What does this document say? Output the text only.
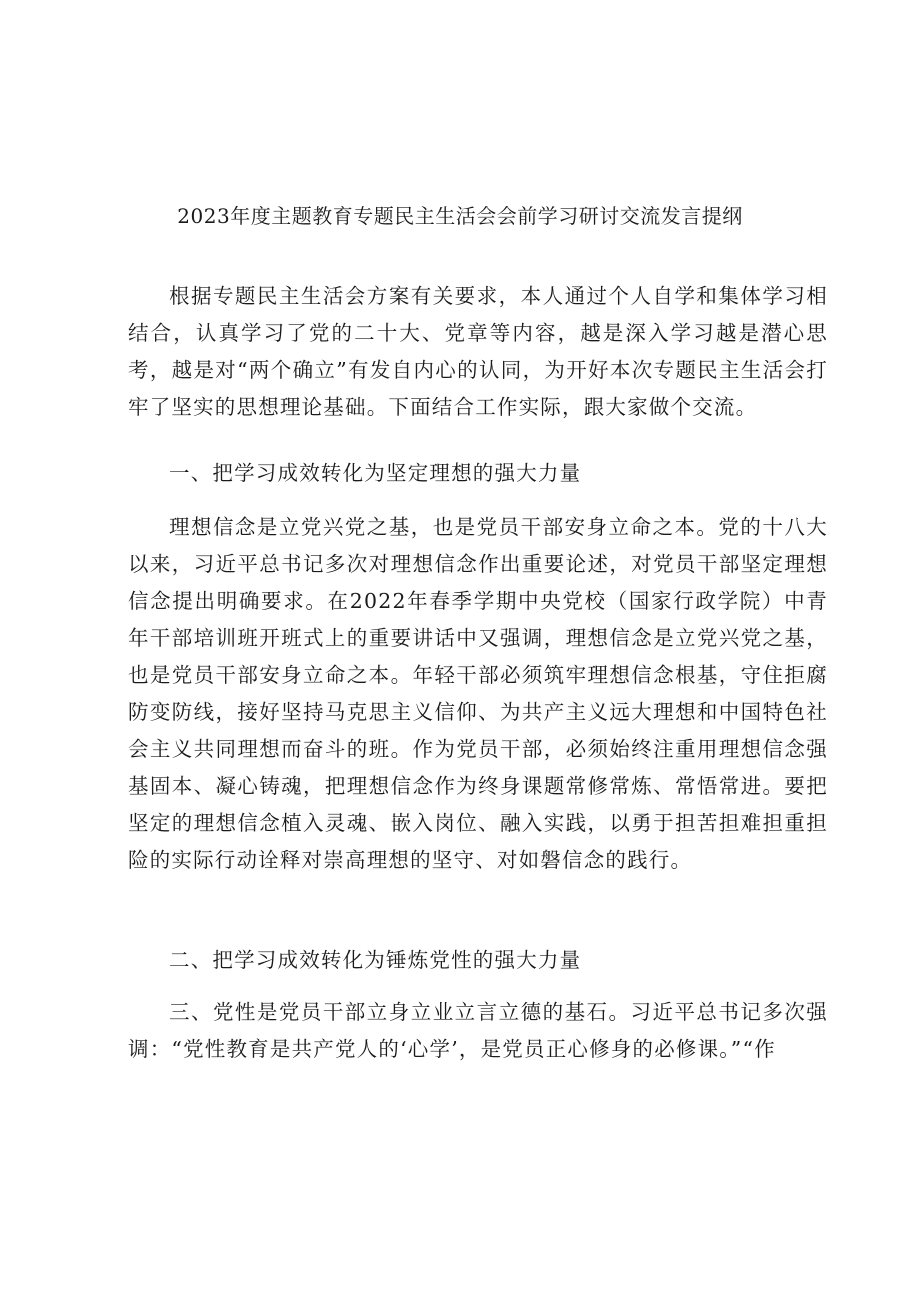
2023年度主题教育专题民主生活会会前学习研讨交流发言提纲
根据专题民主生活会方案有关要求，本人通过个人自学和集体学习相结合，认真学习了党的二十大、党章等内容，越是深入学习越是潜心思考，越是对“两个确立”有发自内心的认同，为开好本次专题民主生活会打牢了坚实的思想理论基础。下面结合工作实际，跟大家做个交流。
一、把学习成效转化为坚定理想的强大力量
理想信念是立党兴党之基，也是党员干部安身立命之本。党的十八大以来，习近平总书记多次对理想信念作出重要论述，对党员干部坚定理想信念提出明确要求。在2022年春季学期中央党校（国家行政学院）中青年干部培训班开班式上的重要讲话中又强调，理想信念是立党兴党之基，也是党员干部安身立命之本。年轻干部必须筑牢理想信念根基，守住拒腐防变防线，接好坚持马克思主义信仰、为共产主义远大理想和中国特色社会主义共同理想而奋斗的班。作为党员干部，必须始终注重用理想信念强基固本、凝心铸魂，把理想信念作为终身课题常修常炼、常悟常进。要把坚定的理想信念植入灵魂、嵌入岗位、融入实践，以勇于担苦担难担重担险的实际行动诠释对崇高理想的坚守、对如磐信念的践行。
二、把学习成效转化为锤炼党性的强大力量
三、党性是党员干部立身立业立言立德的基石。习近平总书记多次强调：“党性教育是共产党人的‘心学’，是党员正心修身的必修课。”“作
